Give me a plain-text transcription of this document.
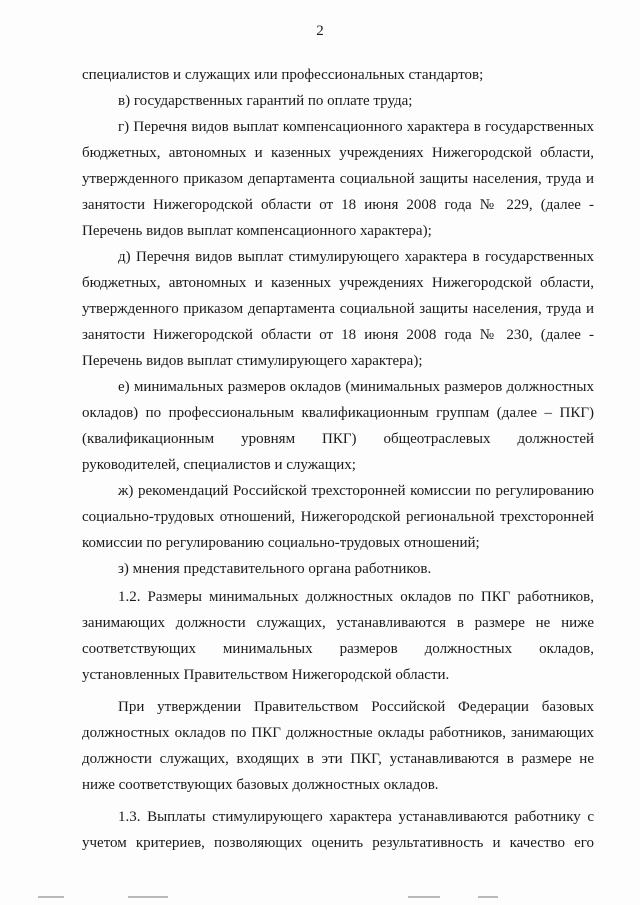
2

специалистов и служащих или профессиональных стандартов;

в) государственных гарантий по оплате труда;

г) Перечня видов выплат компенсационного характера в государственных бюджетных, автономных и казенных учреждениях Нижегородской области, утвержденного приказом департамента социальной защиты населения, труда и занятости Нижегородской области от 18 июня 2008 года № 229, (далее - Перечень видов выплат компенсационного характера);

д) Перечня видов выплат стимулирующего характера в государственных бюджетных, автономных и казенных учреждениях Нижегородской области, утвержденного приказом департамента социальной защиты населения, труда и занятости Нижегородской области от 18 июня 2008 года № 230, (далее - Перечень видов выплат стимулирующего характера);

е) минимальных размеров окладов (минимальных размеров должностных окладов) по профессиональным квалификационным группам (далее – ПКГ) (квалификационным уровням ПКГ) общеотраслевых должностей руководителей, специалистов и служащих;

ж) рекомендаций Российской трехсторонней комиссии по регулированию социально-трудовых отношений, Нижегородской региональной трехсторонней комиссии по регулированию социально-трудовых отношений;

з) мнения представительного органа работников.

1.2. Размеры минимальных должностных окладов по ПКГ работников, занимающих должности служащих, устанавливаются в размере не ниже соответствующих минимальных размеров должностных окладов, установленных Правительством Нижегородской области.

При утверждении Правительством Российской Федерации базовых должностных окладов по ПКГ должностные оклады работников, занимающих должности служащих, входящих в эти ПКГ, устанавливаются в размере не ниже соответствующих базовых должностных окладов.

1.3. Выплаты стимулирующего характера устанавливаются работнику с учетом критериев, позволяющих оценить результативность и качество его
